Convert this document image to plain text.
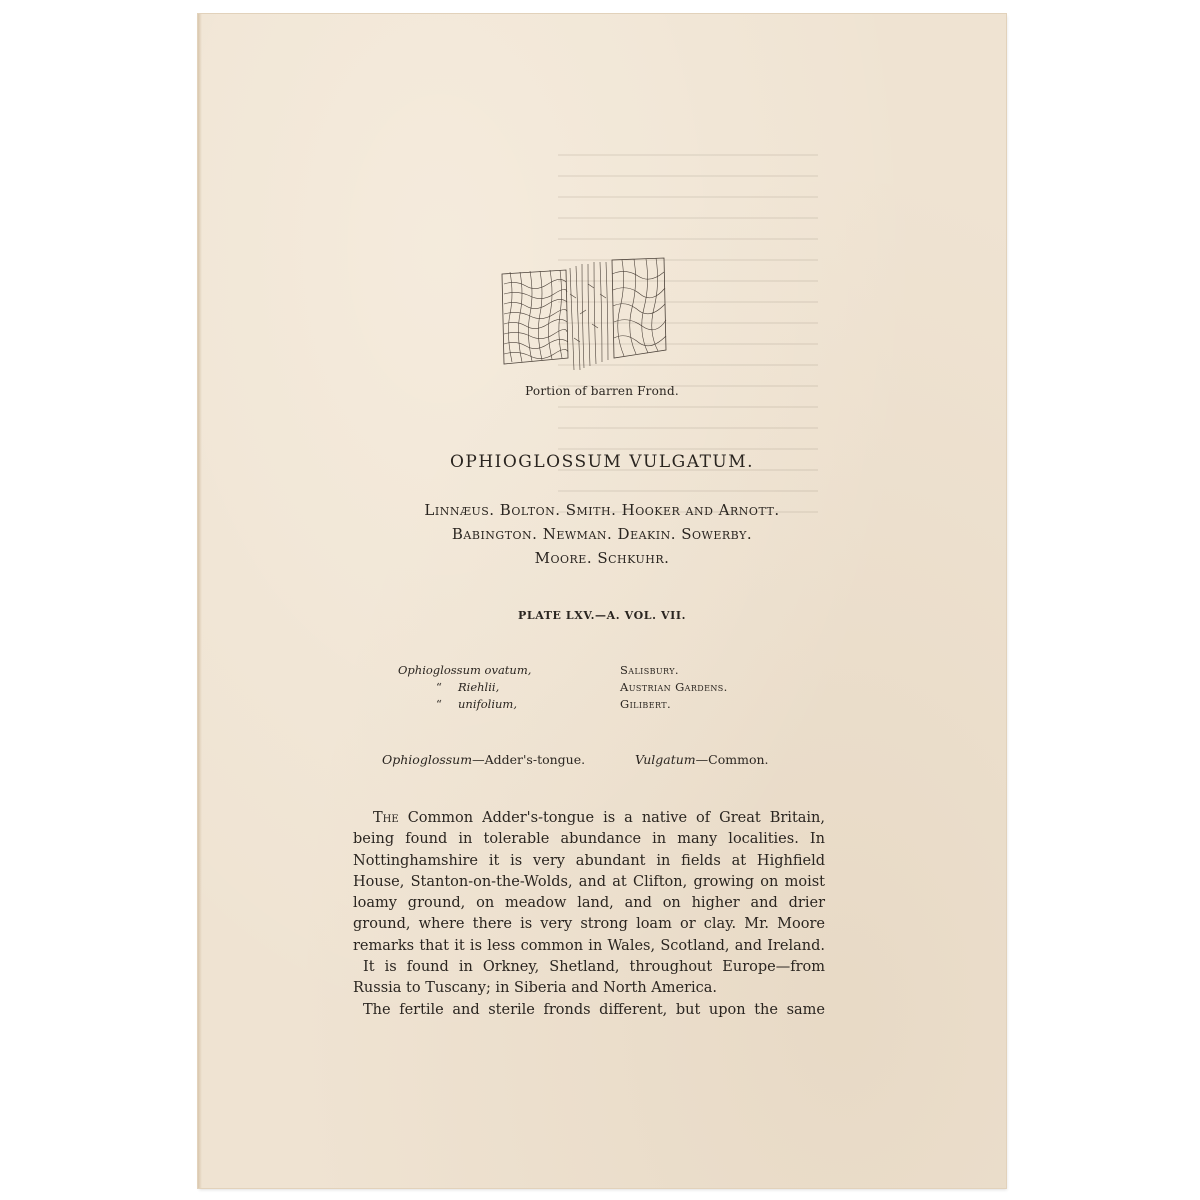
Portion of barren Frond.
OPHIOGLOSSUM VULGATUM.
Linnæus. Bolton. Smith. Hooker and Arnott.
Babington. Newman. Deakin. Sowerby.
Moore. Schkuhr.
PLATE LXV.—A. VOL. VII.
Ophioglossum ovatum,	Salisbury.
“ Riehlii,	Austrian Gardens.
“ unifolium,	Gilibert.
Ophioglossum—Adder's-tongue.	Vulgatum—Common.
The Common Adder's-tongue is a native of Great Britain,
being found in tolerable abundance in many localities. In
Nottinghamshire it is very abundant in fields at Highfield
House, Stanton-on-the-Wolds, and at Clifton, growing on moist
loamy ground, on meadow land, and on higher and drier
ground, where there is very strong loam or clay. Mr. Moore
remarks that it is less common in Wales, Scotland, and Ireland.
It is found in Orkney, Shetland, throughout Europe—from
Russia to Tuscany; in Siberia and North America.
The fertile and sterile fronds different, but upon the same
